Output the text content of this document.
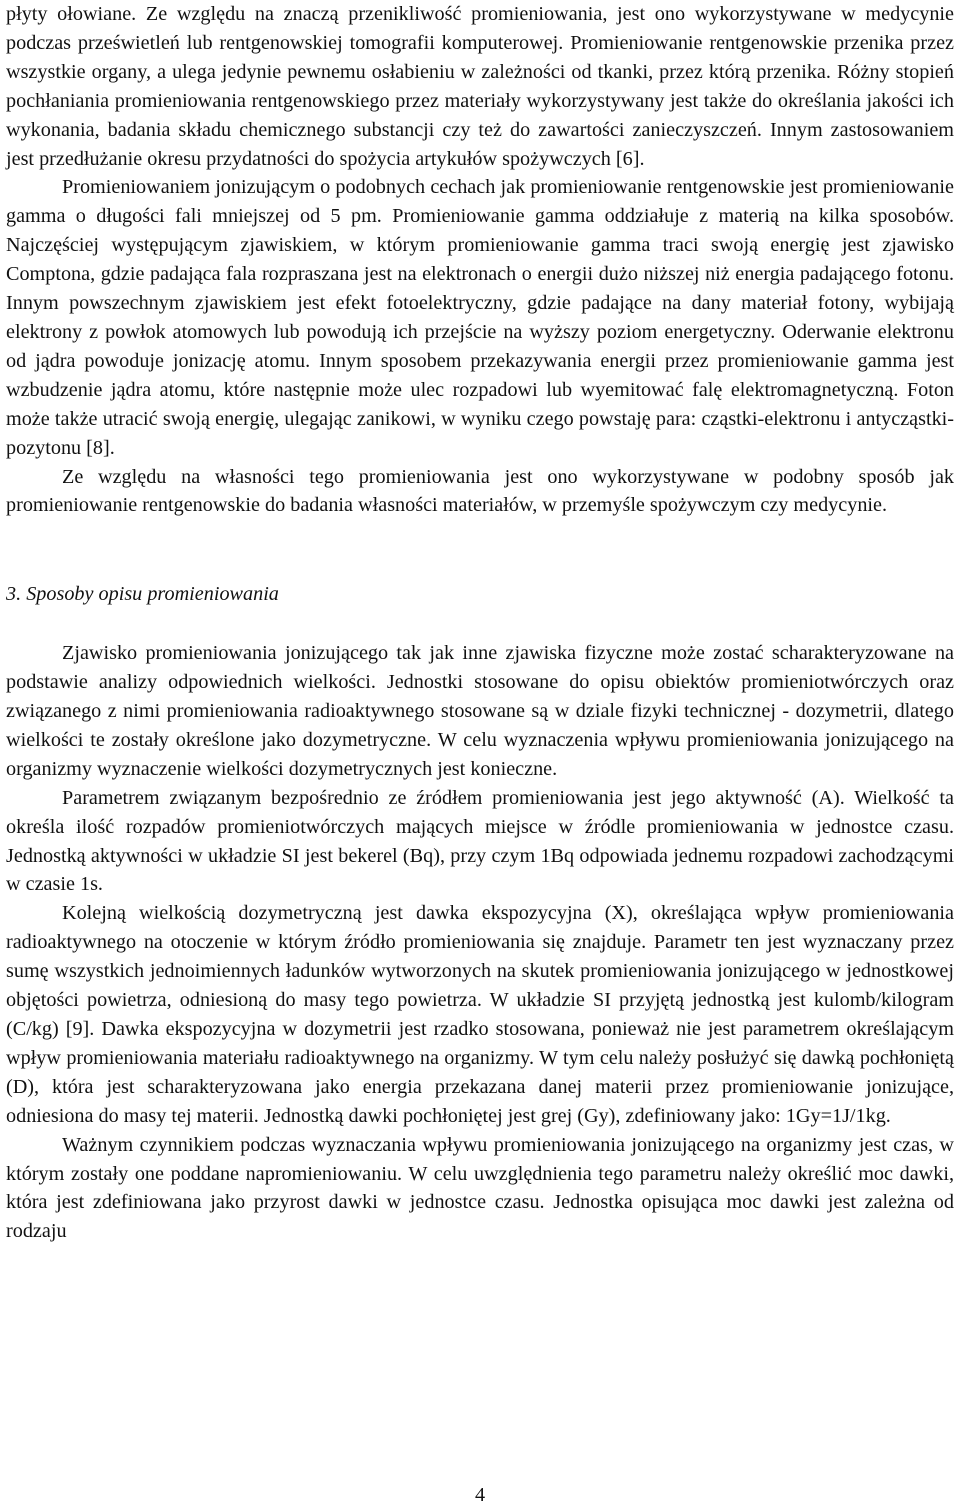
płyty ołowiane. Ze względu na znaczą przenikliwość promieniowania, jest ono wykorzystywane w medycynie podczas prześwietleń lub rentgenowskiej tomografii komputerowej. Promieniowanie rentgenowskie przenika przez wszystkie organy, a ulega jedynie pewnemu osłabieniu w zależności od tkanki, przez którą przenika. Różny stopień pochłaniania promieniowania rentgenowskiego przez materiały wykorzystywany jest także do określania jakości ich wykonania, badania składu chemicznego substancji czy też do zawartości zanieczyszczeń. Innym zastosowaniem jest przedłużanie okresu przydatności do spożycia artykułów spożywczych [6].

Promieniowaniem jonizującym o podobnych cechach jak promieniowanie rentgenowskie jest promieniowanie gamma o długości fali mniejszej od 5 pm. Promieniowanie gamma oddziałuje z materią na kilka sposobów. Najczęściej występującym zjawiskiem, w którym promieniowanie gamma traci swoją energię jest zjawisko Comptona, gdzie padająca fala rozpraszana jest na elektronach o energii dużo niższej niż energia padającego fotonu. Innym powszechnym zjawiskiem jest efekt fotoelektryczny, gdzie padające na dany materiał fotony, wybijają elektrony z powłok atomowych lub powodują ich przejście na wyższy poziom energetyczny. Oderwanie elektronu od jądra powoduje jonizację atomu. Innym sposobem przekazywania energii przez promieniowanie gamma jest wzbudzenie jądra atomu, które następnie może ulec rozpadowi lub wyemitować falę elektromagnetyczną. Foton może także utracić swoją energię, ulegając zanikowi, w wyniku czego powstaję para: cząstki-elektronu i antycząstki-pozytonu [8].

Ze względu na własności tego promieniowania jest ono wykorzystywane w podobny sposób jak promieniowanie rentgenowskie do badania własności materiałów, w przemyśle spożywczym czy medycynie.

3. Sposoby opisu promieniowania

Zjawisko promieniowania jonizującego tak jak inne zjawiska fizyczne może zostać scharakteryzowane na podstawie analizy odpowiednich wielkości. Jednostki stosowane do opisu obiektów promieniotwórczych oraz związanego z nimi promieniowania radioaktywnego stosowane są w dziale fizyki technicznej - dozymetrii, dlatego wielkości te zostały określone jako dozymetryczne. W celu wyznaczenia wpływu promieniowania jonizującego na organizmy wyznaczenie wielkości dozymetrycznych jest konieczne.

Parametrem związanym bezpośrednio ze źródłem promieniowania jest jego aktywność (A). Wielkość ta określa ilość rozpadów promieniotwórczych mających miejsce w źródle promieniowania w jednostce czasu. Jednostką aktywności w układzie SI jest bekerel (Bq), przy czym 1Bq odpowiada jednemu rozpadowi zachodzącymi w czasie 1s.

Kolejną wielkością dozymetryczną jest dawka ekspozycyjna (X), określająca wpływ promieniowania radioaktywnego na otoczenie w którym źródło promieniowania się znajduje. Parametr ten jest wyznaczany przez sumę wszystkich jednoimiennych ładunków wytworzonych na skutek promieniowania jonizującego w jednostkowej objętości powietrza, odniesioną do masy tego powietrza. W układzie SI przyjętą jednostką jest kulomb/kilogram (C/kg) [9]. Dawka ekspozycyjna w dozymetrii jest rzadko stosowana, ponieważ nie jest parametrem określającym wpływ promieniowania materiału radioaktywnego na organizmy. W tym celu należy posłużyć się dawką pochłoniętą (D), która jest scharakteryzowana jako energia przekazana danej materii przez promieniowanie jonizujące, odniesiona do masy tej materii. Jednostką dawki pochłoniętej jest grej (Gy), zdefiniowany jako: 1Gy=1J/1kg.

Ważnym czynnikiem podczas wyznaczania wpływu promieniowania jonizującego na organizmy jest czas, w którym zostały one poddane napromieniowaniu. W celu uwzględnienia tego parametru należy określić moc dawki, która jest zdefiniowana jako przyrost dawki w jednostce czasu. Jednostka opisująca moc dawki jest zależna od rodzaju

4
